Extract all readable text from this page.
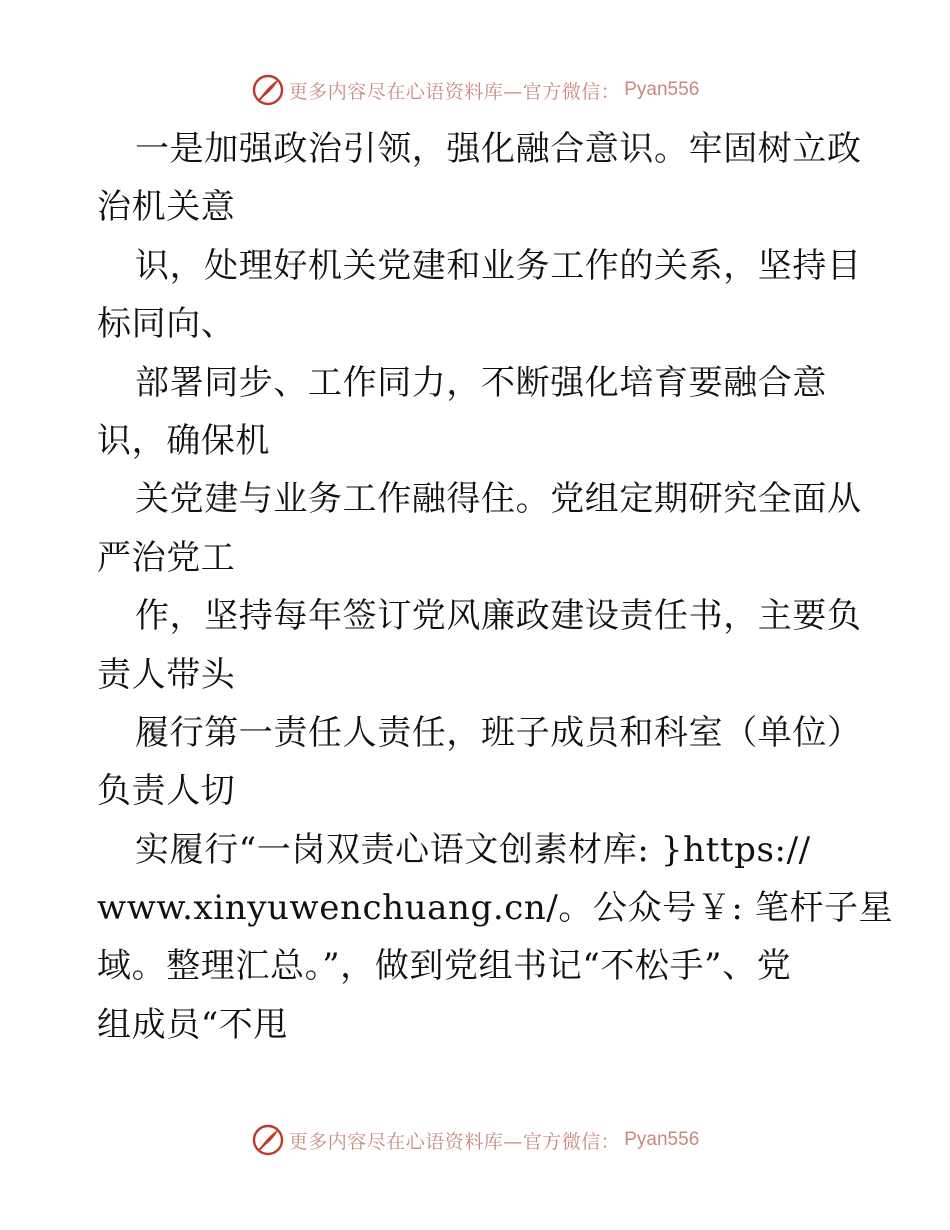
更多内容尽在心语资料库—官方微信： Pyan556

一是加强政治引领，强化融合意识。牢固树立政

治机关意

识，处理好机关党建和业务工作的关系，坚持目

标同向、

部署同步、工作同力，不断强化培育要融合意

识，确保机

关党建与业务工作融得住。党组定期研究全面从

严治党工

作，坚持每年签订党风廉政建设责任书，主要负

责人带头

履行第一责任人责任，班子成员和科室（单位）

负责人切

实履行“一岗双责心语文创素材库: }https://

www.xinyuwenchuang.cn/。公众号￥: 笔杆子星

域。整理汇总。”，做到党组书记“不松手”、党

组成员“不甩

更多内容尽在心语资料库—官方微信： Pyan556
